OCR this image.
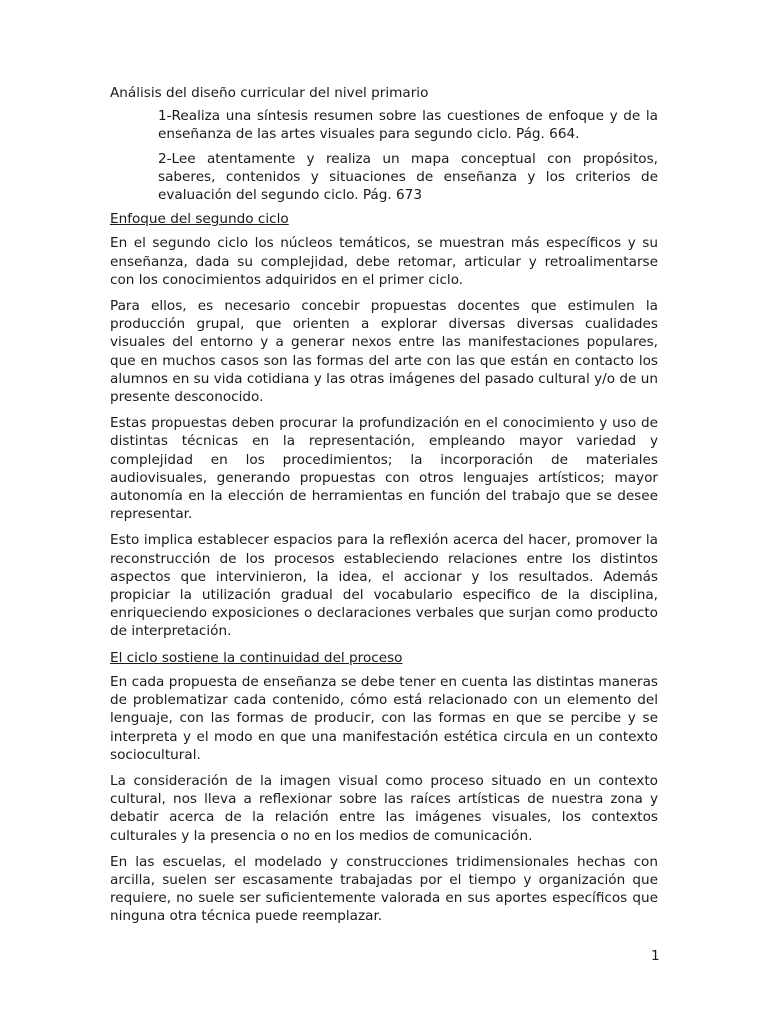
Análisis del diseño curricular del nivel primario

1-Realiza una síntesis resumen sobre las cuestiones de enfoque y de la enseñanza de las artes visuales para segundo ciclo. Pág. 664.

2-Lee atentamente y realiza un mapa conceptual con propósitos, saberes, contenidos y situaciones de enseñanza y los criterios de evaluación del segundo ciclo. Pág. 673

Enfoque del segundo ciclo

En el segundo ciclo los núcleos temáticos, se muestran más específicos y su enseñanza, dada su complejidad, debe retomar, articular y retroalimentarse con los conocimientos adquiridos en el primer ciclo.

Para ellos, es necesario concebir propuestas docentes que estimulen la producción grupal, que orienten a explorar diversas diversas cualidades visuales del entorno y a generar nexos entre las manifestaciones populares, que en muchos casos son las formas del arte con las que están en contacto los alumnos en su vida cotidiana y las otras imágenes del pasado cultural y/o de un presente desconocido.

Estas propuestas deben procurar la profundización en el conocimiento y uso de distintas técnicas en la representación, empleando mayor variedad y complejidad en los procedimientos; la incorporación de materiales audiovisuales, generando propuestas con otros lenguajes artísticos; mayor autonomía en la elección de herramientas en función del trabajo que se desee representar.

Esto implica establecer espacios para la reflexión acerca del hacer, promover la reconstrucción de los procesos estableciendo relaciones entre los distintos aspectos que intervinieron, la idea, el accionar y los resultados. Además propiciar la utilización gradual del vocabulario especifico de la disciplina, enriqueciendo exposiciones o declaraciones verbales que surjan como producto de interpretación.

El ciclo sostiene la continuidad del proceso

En cada propuesta de enseñanza se debe tener en cuenta las distintas maneras de problematizar cada contenido, cómo está relacionado con un elemento del lenguaje, con las formas de producir, con las formas en que se percibe y se interpreta y el modo en que una manifestación estética circula en un contexto sociocultural.

La consideración de la imagen visual como proceso situado en un contexto cultural, nos lleva a reflexionar sobre las raíces artísticas de nuestra zona y debatir acerca de la relación entre las imágenes visuales, los contextos culturales y la presencia o no en los medios de comunicación.

En las escuelas, el modelado y construcciones tridimensionales hechas con arcilla, suelen ser escasamente trabajadas por el tiempo y organización que requiere, no suele ser suficientemente valorada en sus aportes específicos que ninguna otra técnica puede reemplazar.

1
